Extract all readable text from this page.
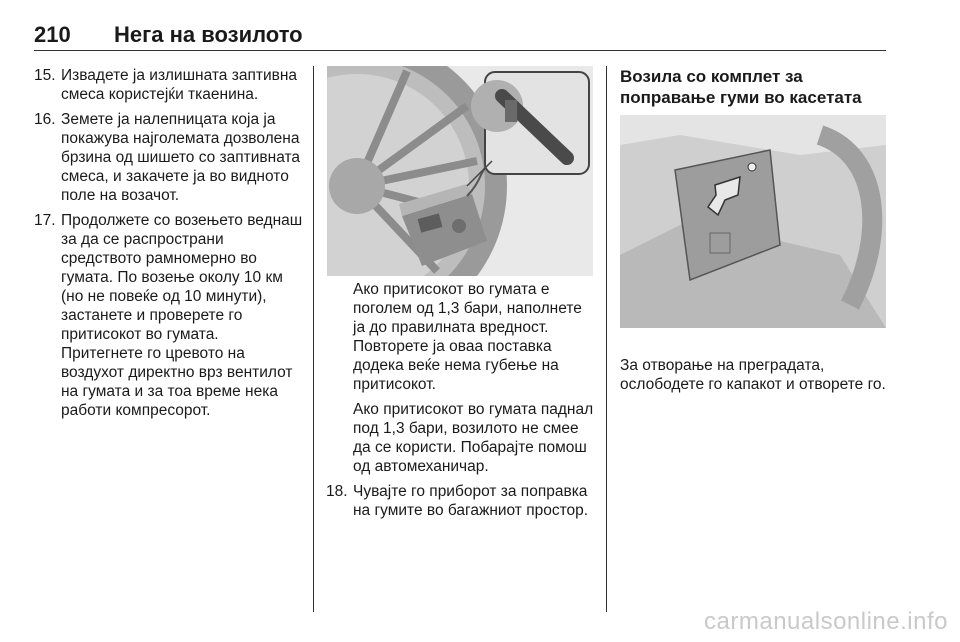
210 Нега на возилото
15. Извадете ја излишната заптивна смеса користејќи ткаенина.
16. Земете ја налепницата која ја покажува најголемата дозволена брзина од шишето со заптивната смеса, и закачете ја во видното поле на возачот.
17. Продолжете со возењето веднаш за да се распространи средството рамномерно во гумата. По возење околу 10 км (но не повеќе од 10 минути), застанете и проверете го притисокот во гумата. Притегнете го цревото на воздухот директно врз вентилот на гумата и за тоа време нека работи компресорот.

Ако притисокот во гумата е поголем од 1,3 бари, наполнете ја до правилната вредност. Повторете ја оваа поставка додека веќе нема губење на притисокот.

Ако притисокот во гумата паднал под 1,3 бари, возилото не смее да се користи. Побарајте помош од автомеханичар.

18. Чувајте го приборот за поправка на гумите во багажниот простор.
Возила со комплет за поправање гуми во касетата

За отворање на преградата, ослободете го капакот и отворете го.

carmanualsonline.info
